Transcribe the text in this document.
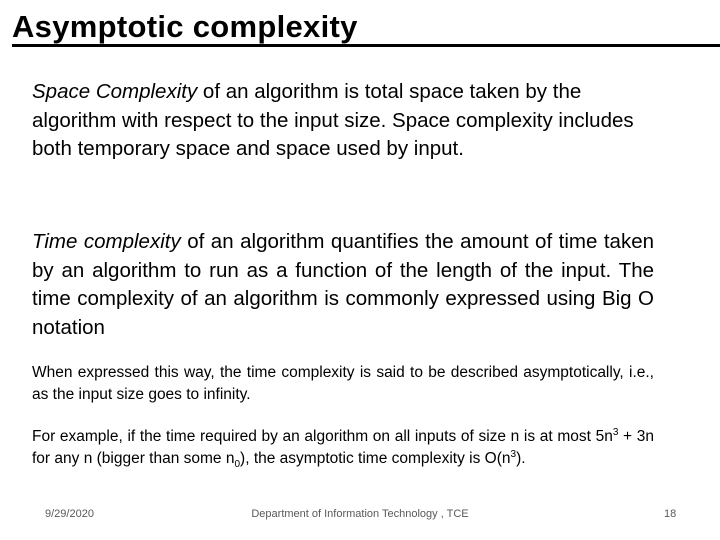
Asymptotic complexity
Space Complexity of an algorithm is total space taken by the algorithm with respect to the input size. Space complexity includes both temporary space and space used by input.
Time complexity of an algorithm quantifies the amount of time taken by an algorithm to run as a function of the length of the input. The time complexity of an algorithm is commonly expressed using Big O notation
When expressed this way, the time complexity is said to be described asymptotically, i.e., as the input size goes to infinity.
For example, if the time required by an algorithm on all inputs of size n is at most $5n^3 + 3n$ for any n (bigger than some $n_0$), the asymptotic time complexity is $O(n^3)$.
Department of Information Technology , TCE
9/29/2020	18
